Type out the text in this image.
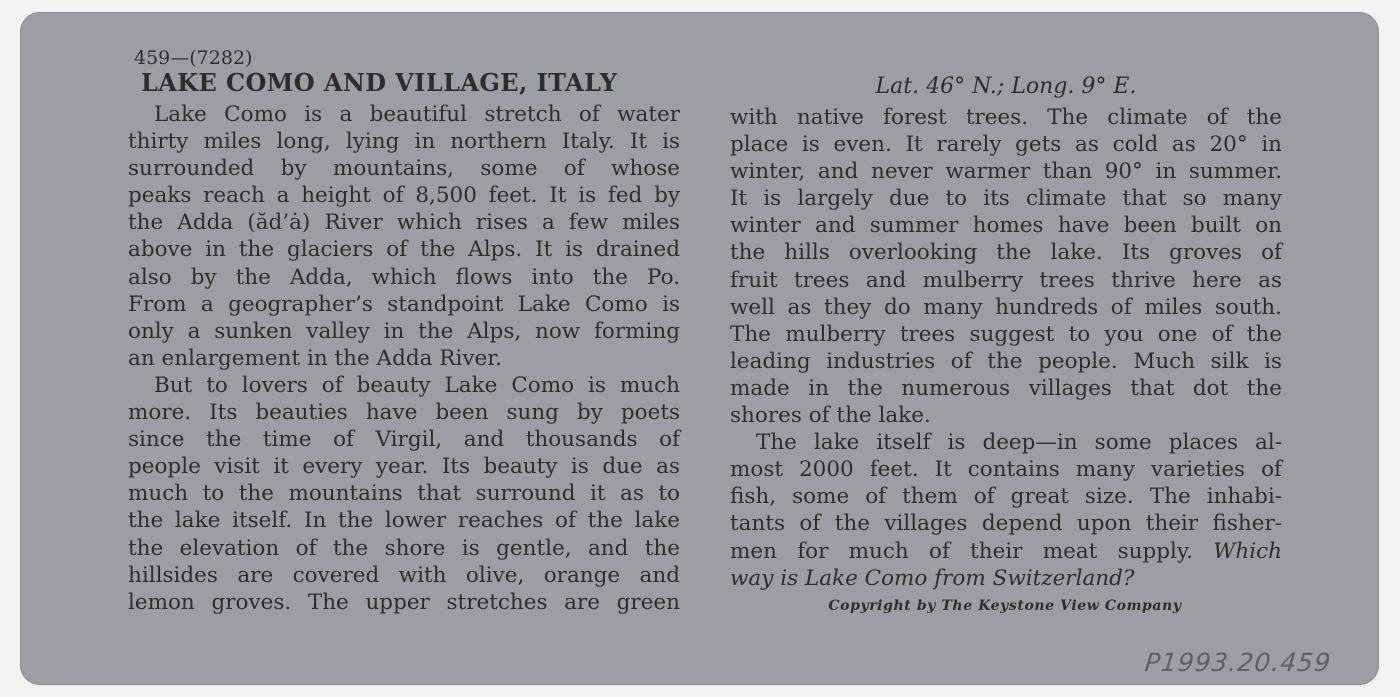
459—(7282)
LAKE COMO AND VILLAGE, ITALY	Lat. 46° N.; Long. 9° E.
Lake Como is a beautiful stretch of water
thirty miles long, lying in northern Italy. It is
surrounded by mountains, some of whose
peaks reach a height of 8,500 feet. It is fed by
the Adda (ăd’ȧ) River which rises a few miles
above in the glaciers of the Alps. It is drained
also by the Adda, which flows into the Po.
From a geographer’s standpoint Lake Como is
only a sunken valley in the Alps, now forming
an enlargement in the Adda River.
But to lovers of beauty Lake Como is much
more. Its beauties have been sung by poets
since the time of Virgil, and thousands of
people visit it every year. Its beauty is due as
much to the mountains that surround it as to
the lake itself. In the lower reaches of the lake
the elevation of the shore is gentle, and the
hillsides are covered with olive, orange and
lemon groves. The upper stretches are green
with native forest trees. The climate of the
place is even. It rarely gets as cold as 20° in
winter, and never warmer than 90° in summer.
It is largely due to its climate that so many
winter and summer homes have been built on
the hills overlooking the lake. Its groves of
fruit trees and mulberry trees thrive here as
well as they do many hundreds of miles south.
The mulberry trees suggest to you one of the
leading industries of the people. Much silk is
made in the numerous villages that dot the
shores of the lake.
The lake itself is deep—in some places al-
most 2000 feet. It contains many varieties of
fish, some of them of great size. The inhabi-
tants of the villages depend upon their fisher-
men for much of their meat supply. Which
way is Lake Como from Switzerland?
Copyright by The Keystone View Company
P1993.20.459
